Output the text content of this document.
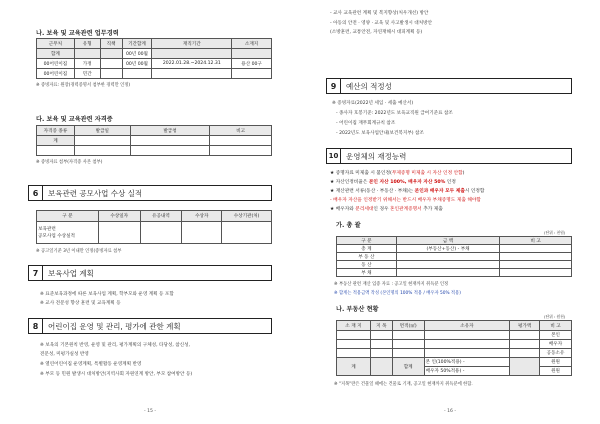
나. 보육 및 교육관련 업무경력
근무처	유형	직책	기간합계	재직기간	소재지
합계			00년 00월		
00어린이집	가정		00년 00월	2022.01.28.~2024.12.31	용산 00구
00어린이집	민간				
※ 증빙자료: 원장(경력증명서 첨부한 경력만 인정)
다. 보육 및 교육관련 자격증
자격증 종류	발급일	발급청	비고
계			

※ 증빙자료 첨부(자격증 사본 첨부)
6	보육관련 공모사업 수상 실적
구 분	수상일자	유공내역	수상자	수상기관(처)
보육관련
공모사업 수상실적				
※ 공고일기준 3년 이내만 인정(증빙자료 첨부
7	보육사업 계획
※ 표준보육과정에 따른 보육사업 계획, 학부모와 운영 계획 등 포함
※ 교사 전문성 향상 훈련 및 교육계획 등
8	어린이집 운영 및 관리, 평가에 관한 계획
※ 보육의 기본원칙 반영, 운영 및 관리, 평가계획의 구체성, 타당성, 참신성,
전문성, 미평가실성 반영
※ 열린어린이집 운영계획, 특별활동 운영계획 반영
※ 부모 등 민원 발생시 대처방안(지역사회 자원연계 방안, 부모 참여방안 등)
- 15 -
- 교사 교육관련 계획 및 복지향상(처우개선) 방안
- 아동의 안전 · 영양 · 교육 및 사고발생시 대처방안
(소방훈련, 교통안전, 자연재해시 대피계획 등)
9	예산의 적정성
※ 증빙자료(2022년 세입 · 세출 예산서)
- 종사자 호봉기준: 2022년도 보육교직원 급여기준표 참조
- 어린이집 재무회계규칙 참조
- 2022년도 보육사업안내(보건복지부) 참조
10	운영체의 재정능력
★ 증명자료 미제출 시 불인정(무제증명 미제출 시 자산 인정 안함)
★ 자산인정비율은 본인 자산 100%, 배우자 자산 50% 인정
★ 재산관련 서류(동산 · 부동산 · 부채)는 본인과 배우자 모두 제출시 인정함
- 배우자 자산을 인정받기 위해서는 반드시 배우자 부채증명도 제출 해야함
★ 배우자와 분리세대인 경우 혼인관계증명서 추가 제출
가. 총 괄
(단위 : 천원)
구 분	금 액	비 고
총 계	(부동산+동산) - 부채	
부 동 산		
동 산		
부 채		
※ 부동산 관련 재산 입증 자료 : 공고일 현재까지 취득분 인정
※ 합계는 적용금액 작성 (본인명의 100% 적용 / 배우자 50% 적용)
나. 부동산 현황
(단위 : 원천)
소 재 지	지 목	면적(㎡)	소유자	평가액	비 고
					본인
					배우자
					공동소유
계		합계	본 인(100%적용) -		원원
			배우자 50%적용) -		원원
※ "지목"란은 건물일 때에는 건물로 기재, 공고일 현재까지 취득분에 한함.
- 16 -
